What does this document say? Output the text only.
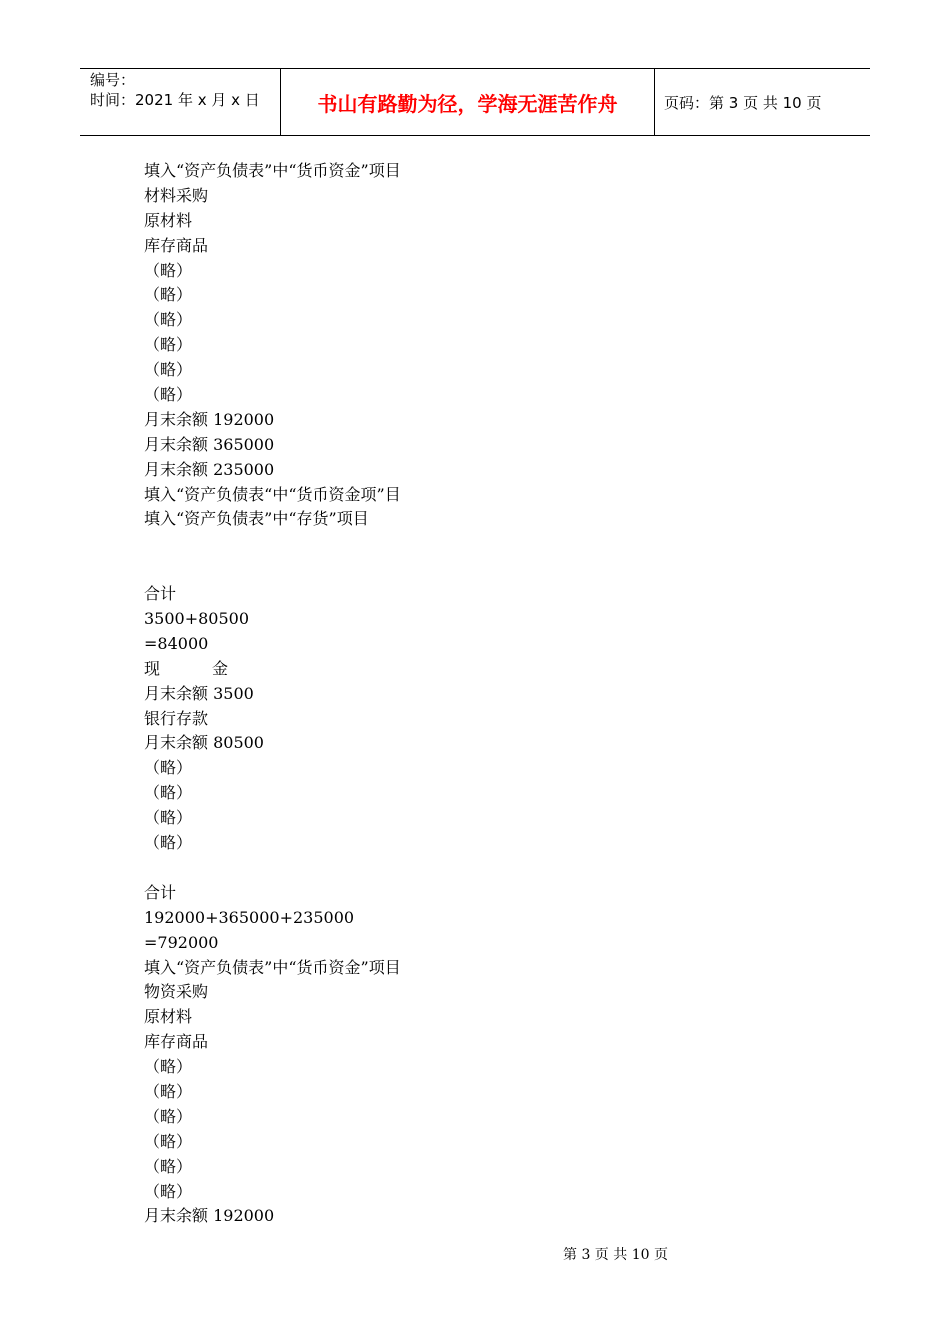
编号：
时间：2021 年 x 月 x 日	书山有路勤为径，学海无涯苦作舟	页码：第 3 页 共 10 页
填入“资产负债表”中“货币资金”项目
材料采购
原材料
库存商品
（略）
（略）
（略）
（略）
（略）
（略）
月末余额 192000
月末余额 365000
月末余额 235000
填入“资产负债表“中“货币资金项”目
填入“资产负债表”中“存货”项目
合计
3500+80500
=84000
现	金
月末余额 3500
银行存款
月末余额 80500
（略）
（略）
（略）
（略）
合计
192000+365000+235000
=792000
填入“资产负债表”中“货币资金”项目
物资采购
原材料
库存商品
（略）
（略）
（略）
（略）
（略）
（略）
月末余额 192000
第 3 页 共 10 页
